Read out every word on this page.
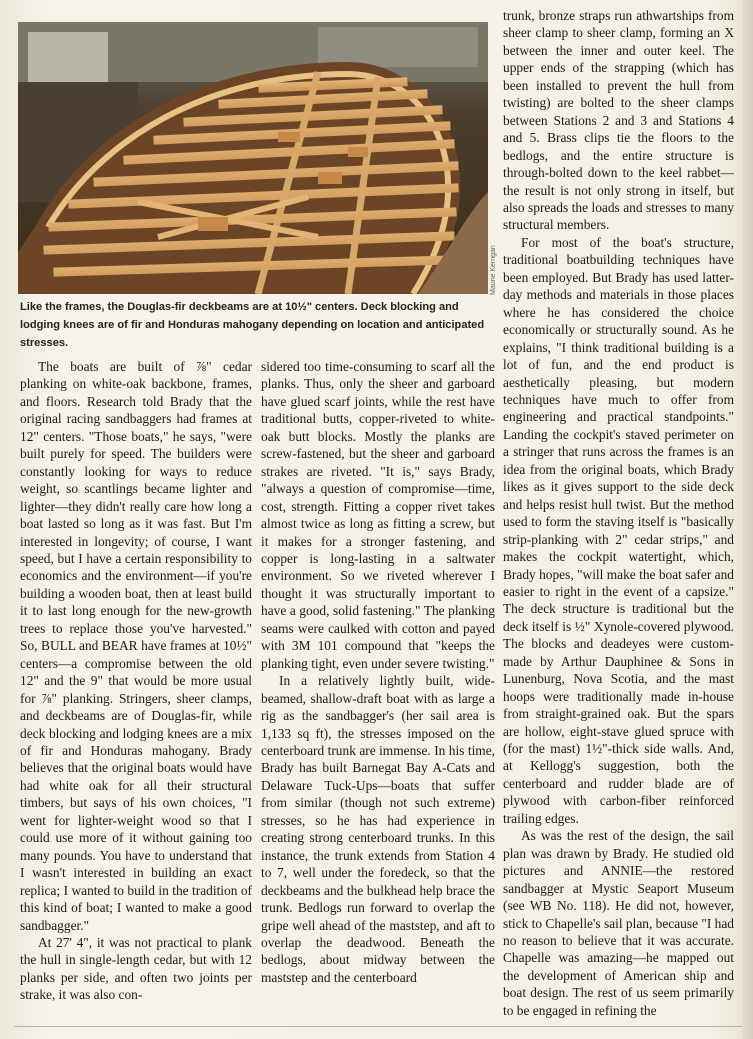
Maurie Kerrigan
Like the frames, the Douglas-fir deckbeams are at 10½" centers. Deck blocking and lodging knees are of fir and Honduras mahogany depending on location and anticipated stresses.

The boats are built of ⅞" cedar planking on white-oak backbone, frames, and floors. Research told Brady that the original racing sandbaggers had frames at 12" centers. "Those boats," he says, "were built purely for speed. The builders were constantly looking for ways to reduce weight, so scantlings became lighter and lighter—they didn't really care how long a boat lasted so long as it was fast. But I'm interested in longevity; of course, I want speed, but I have a certain responsibility to economics and the environment—if you're building a wooden boat, then at least build it to last long enough for the new-growth trees to replace those you've harvested." So, BULL and BEAR have frames at 10½" centers—a compromise between the old 12" and the 9" that would be more usual for ⅞" planking. Stringers, sheer clamps, and deckbeams are of Douglas-fir, while deck blocking and lodging knees are a mix of fir and Honduras mahogany. Brady believes that the original boats would have had white oak for all their structural timbers, but says of his own choices, "I went for lighter-weight wood so that I could use more of it without gaining too many pounds. You have to understand that I wasn't interested in building an exact replica; I wanted to build in the tradition of this kind of boat; I wanted to make a good sandbagger."

At 27' 4", it was not practical to plank the hull in single-length cedar, but with 12 planks per side, and often two joints per strake, it was also con-

sidered too time-consuming to scarf all the planks. Thus, only the sheer and garboard have glued scarf joints, while the rest have traditional butts, copper-riveted to white-oak butt blocks. Mostly the planks are screw-fastened, but the sheer and garboard strakes are riveted. "It is," says Brady, "always a question of compromise—time, cost, strength. Fitting a copper rivet takes almost twice as long as fitting a screw, but it makes for a stronger fastening, and copper is long-lasting in a saltwater environment. So we riveted wherever I thought it was structurally important to have a good, solid fastening." The planking seams were caulked with cotton and payed with 3M 101 compound that "keeps the planking tight, even under severe twisting."

In a relatively lightly built, wide-beamed, shallow-draft boat with as large a rig as the sandbagger's (her sail area is 1,133 sq ft), the stresses imposed on the centerboard trunk are immense. In his time, Brady has built Barnegat Bay A-Cats and Delaware Tuck-Ups—boats that suffer from similar (though not such extreme) stresses, so he has had experience in creating strong centerboard trunks. In this instance, the trunk extends from Station 4 to 7, well under the foredeck, so that the deckbeams and the bulkhead help brace the trunk. Bedlogs run forward to overlap the gripe well ahead of the maststep, and aft to overlap the deadwood. Beneath the bedlogs, about midway between the maststep and the centerboard

trunk, bronze straps run athwartships from sheer clamp to sheer clamp, forming an X between the inner and outer keel. The upper ends of the strapping (which has been installed to prevent the hull from twisting) are bolted to the sheer clamps between Stations 2 and 3 and Stations 4 and 5. Brass clips tie the floors to the bedlogs, and the entire structure is through-bolted down to the keel rabbet—the result is not only strong in itself, but also spreads the loads and stresses to many structural members.

For most of the boat's structure, traditional boatbuilding techniques have been employed. But Brady has used latter-day methods and materials in those places where he has considered the choice economically or structurally sound. As he explains, "I think traditional building is a lot of fun, and the end product is aesthetically pleasing, but modern techniques have much to offer from engineering and practical standpoints." Landing the cockpit's staved perimeter on a stringer that runs across the frames is an idea from the original boats, which Brady likes as it gives support to the side deck and helps resist hull twist. But the method used to form the staving itself is "basically strip-planking with 2" cedar strips," and makes the cockpit watertight, which, Brady hopes, "will make the boat safer and easier to right in the event of a capsize." The deck structure is traditional but the deck itself is ½" Xynole-covered plywood. The blocks and deadeyes were custom-made by Arthur Dauphinee & Sons in Lunenburg, Nova Scotia, and the mast hoops were traditionally made in-house from straight-grained oak. But the spars are hollow, eight-stave glued spruce with (for the mast) 1½"-thick side walls. And, at Kellogg's suggestion, both the centerboard and rudder blade are of plywood with carbon-fiber reinforced trailing edges.

As was the rest of the design, the sail plan was drawn by Brady. He studied old pictures and ANNIE—the restored sandbagger at Mystic Seaport Museum (see WB No. 118). He did not, however, stick to Chapelle's sail plan, because "I had no reason to believe that it was accurate. Chapelle was amazing—he mapped out the development of American ship and boat design. The rest of us seem primarily to be engaged in refining the
